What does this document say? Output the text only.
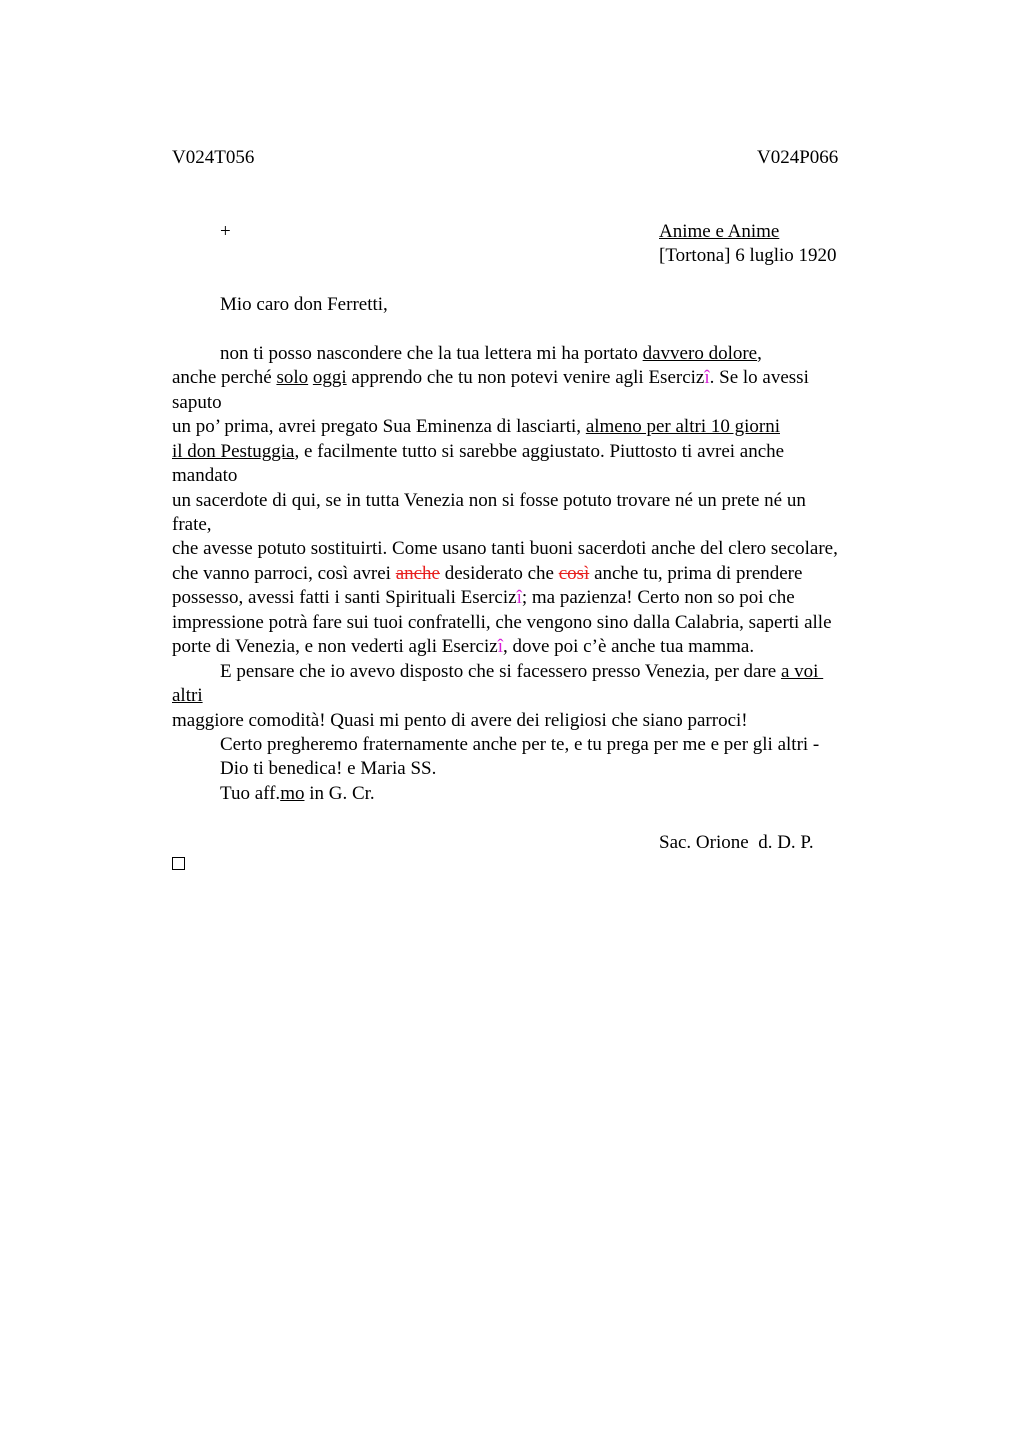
V024T056	V024P066
+	Anime e Anime
[Tortona] 6 luglio 1920
Mio caro don Ferretti,
non ti posso nascondere che la tua lettera mi ha portato davvero dolore,
anche perché solo oggi apprendo che tu non potevi venire agli Esercizî. Se lo avessi
saputo
un po’ prima, avrei pregato Sua Eminenza di lasciarti, almeno per altri 10 giorni
il don Pestuggia, e facilmente tutto si sarebbe aggiustato. Piuttosto ti avrei anche
mandato
un sacerdote di qui, se in tutta Venezia non si fosse potuto trovare né un prete né un
frate,
che avesse potuto sostituirti. Come usano tanti buoni sacerdoti anche del clero secolare,
che vanno parroci, così avrei anche desiderato che così anche tu, prima di prendere
possesso, avessi fatti i santi Spirituali Esercizî; ma pazienza! Certo non so poi che
impressione potrà fare sui tuoi confratelli, che vengono sino dalla Calabria, saperti alle
porte di Venezia, e non vederti agli Esercizî, dove poi c’è anche tua mamma.
E pensare che io avevo disposto che si facessero presso Venezia, per dare a voi
altri
maggiore comodità! Quasi mi pento di avere dei religiosi che siano parroci!
Certo pregheremo fraternamente anche per te, e tu prega per me e per gli altri -
Dio ti benedica! e Maria SS.
Tuo aff.mo in G. Cr.
Sac. Orione  d. D. P.
